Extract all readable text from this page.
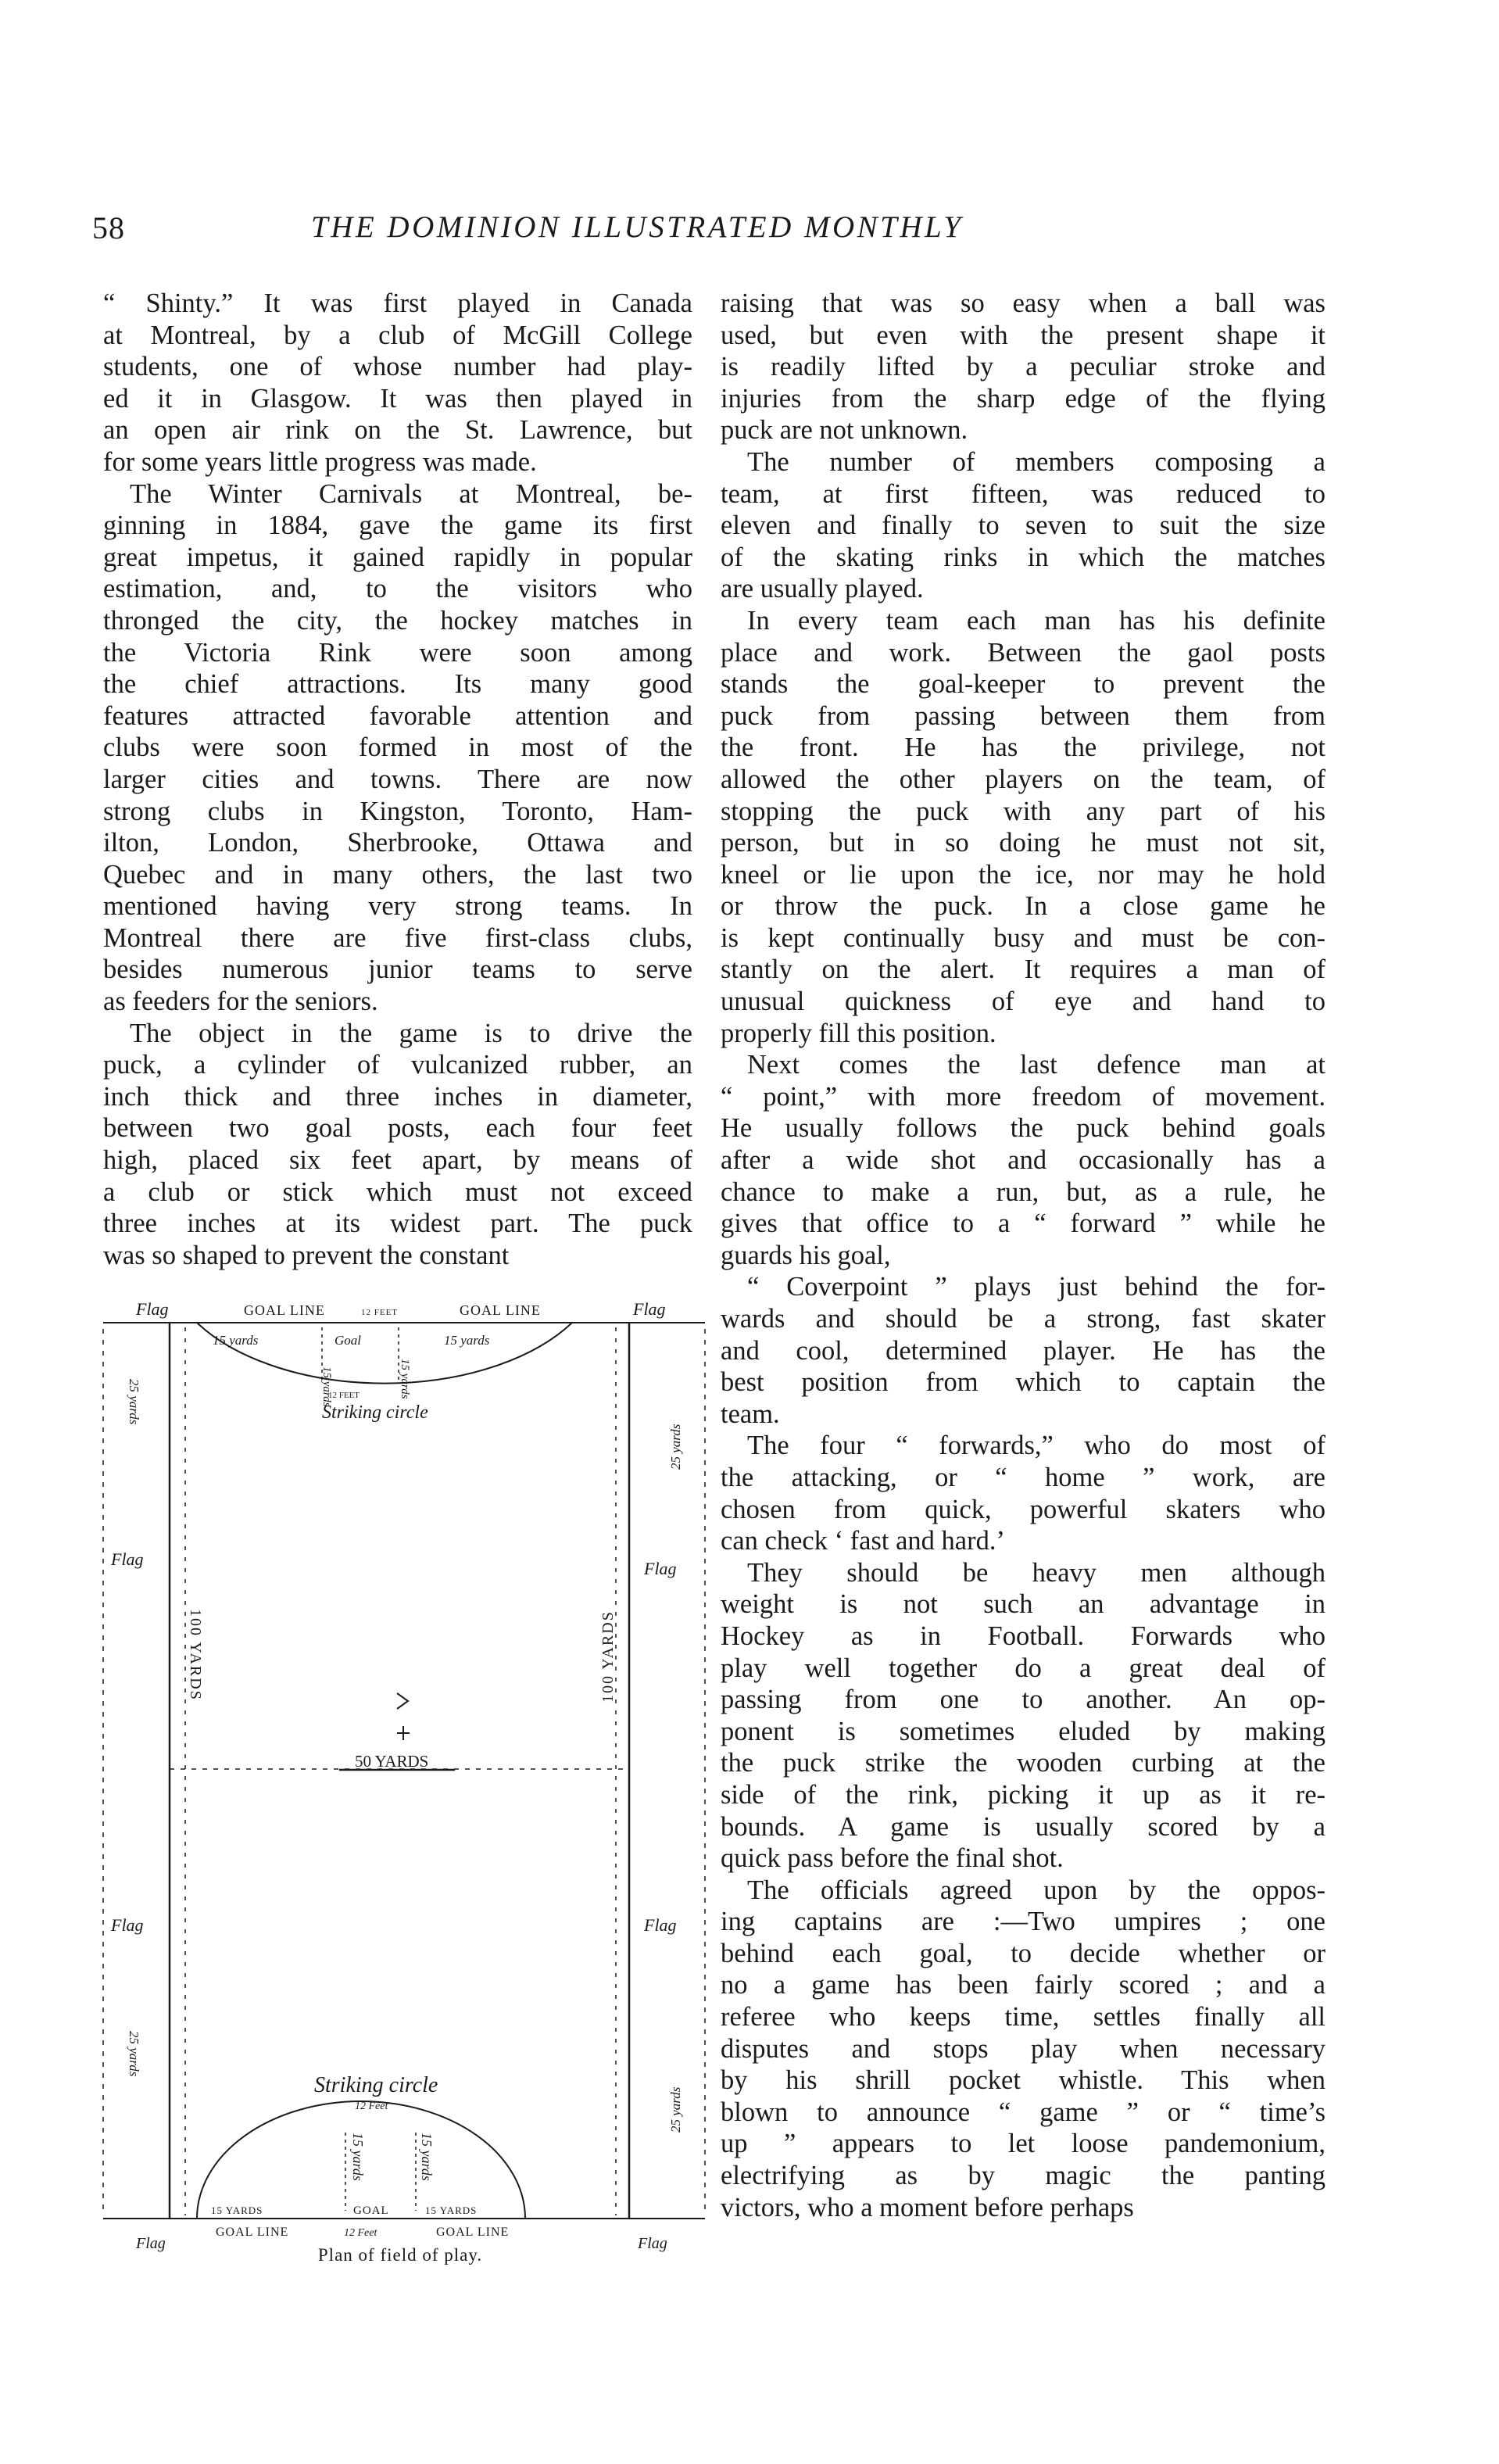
58	THE DOMINION ILLUSTRATED MONTHLY
“ Shinty.” It was first played in Canada
at Montreal, by a club of McGill College
students, one of whose number had play-
ed it in Glasgow. It was then played in
an open air rink on the St. Lawrence, but
for some years little progress was made.
The Winter Carnivals at Montreal, be-
ginning in 1884, gave the game its first
great impetus, it gained rapidly in popular
estimation, and, to the visitors who
thronged the city, the hockey matches in
the Victoria Rink were soon among
the chief attractions. Its many good
features attracted favorable attention and
clubs were soon formed in most of the
larger cities and towns. There are now
strong clubs in Kingston, Toronto, Ham-
ilton, London, Sherbrooke, Ottawa and
Quebec and in many others, the last two
mentioned having very strong teams. In
Montreal there are five first-class clubs,
besides numerous junior teams to serve
as feeders for the seniors.
The object in the game is to drive the
puck, a cylinder of vulcanized rubber, an
inch thick and three inches in diameter,
between two goal posts, each four feet
high, placed six feet apart, by means of
a club or stick which must not exceed
three inches at its widest part. The puck
was so shaped to prevent the constant
raising that was so easy when a ball was
used, but even with the present shape it
is readily lifted by a peculiar stroke and
injuries from the sharp edge of the flying
puck are not unknown.
The number of members composing a
team, at first fifteen, was reduced to
eleven and finally to seven to suit the size
of the skating rinks in which the matches
are usually played.
In every team each man has his definite
place and work. Between the gaol posts
stands the goal-keeper to prevent the
puck from passing between them from
the front. He has the privilege, not
allowed the other players on the team, of
stopping the puck with any part of his
person, but in so doing he must not sit,
kneel or lie upon the ice, nor may he hold
or throw the puck. In a close game he
is kept continually busy and must be con-
stantly on the alert. It requires a man of
unusual quickness of eye and hand to
properly fill this position.
Next comes the last defence man at
“ point,” with more freedom of movement.
He usually follows the puck behind goals
after a wide shot and occasionally has a
chance to make a run, but, as a rule, he
gives that office to a “ forward ” while he
guards his goal,
“ Coverpoint ” plays just behind the for-
wards and should be a strong, fast skater
and cool, determined player. He has the
best position from which to captain the
team.
The four “ forwards,” who do most of
the attacking, or “ home ” work, are
chosen from quick, powerful skaters who
can check ‘ fast and hard.’
They should be heavy men although
weight is not such an advantage in
Hockey as in Football. Forwards who
play well together do a great deal of
passing from one to another. An op-
ponent is sometimes eluded by making
the puck strike the wooden curbing at the
side of the rink, picking it up as it re-
bounds. A game is usually scored by a
quick pass before the final shot.
The officials agreed upon by the oppos-
ing captains are :—Two umpires ; one
behind each goal, to decide whether or
no a game has been fairly scored ; and a
referee who keeps time, settles finally all
disputes and stops play when necessary
by his shrill pocket whistle. This when
blown to announce “ game ” or “ time’s
up ” appears to let loose pandemonium,
electrifying as by magic the panting
victors, who a moment before perhaps
Flag	Flag
Flag	Flag
Flag	Flag
Flag	Flag
GOAL LINE	12 FEET	GOAL LINE
15 yards	Goal	15 yards
15 yards	15 yards
12 FEET
Striking circle
25 yards
25 yards
25 yards
25 yards
100 YARDS	100 YARDS
50 YARDS
Striking circle
12 Feet
15 yards	15 yards
15 YARDS	GOAL	15 YARDS
GOAL LINE	12 Feet	GOAL LINE
Plan of field of play.
